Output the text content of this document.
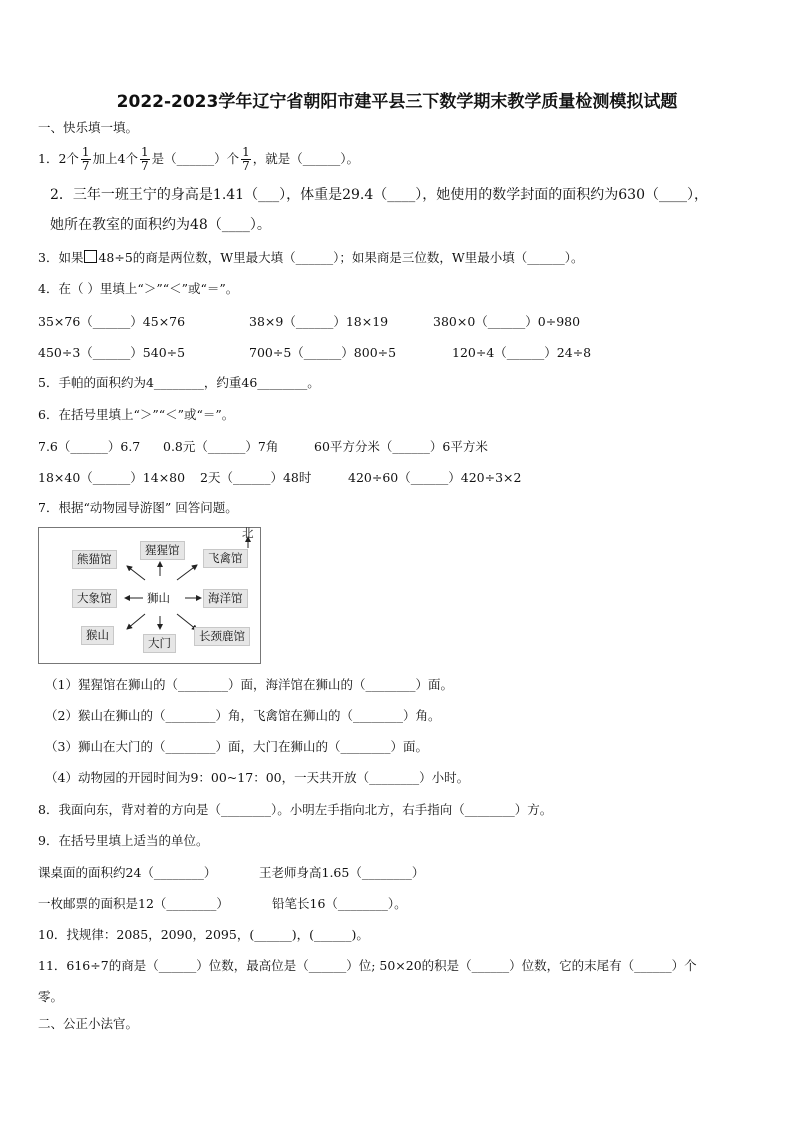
2022-2023学年辽宁省朝阳市建平县三下数学期末教学质量检测模拟试题
一、快乐填一填。
1．2个 $\frac{1}{7}$ 加上4个 $\frac{1}{7}$ 是（______）个 $\frac{1}{7}$ ，就是（______）。
2．三年一班王宁的身高是1.41（___），体重是29.4（____），她使用的数学封面的面积约为630（____），
她所在教室的面积约为48（____）。
3．如果 48÷5的商是两位数，W里最大填（______）；如果商是三位数，W里最小填（______）。
4．在（ ）里填上“＞”“＜”或“＝”。
35×76（______）45×76	38×9（______）18×19	380×0（______）0÷980
450÷3（______）540÷5	700÷5（______）800÷5	120÷4（______）24÷8
5．手帕的面积约为4________，约重46________。
6．在括号里填上“＞”“＜”或“＝”。
7.6（______）6.7 0.8元（______）7角	60平方分米（______）6平方米
18×40（______）14×80 2天（______）48时	420÷60（______）420÷3×2
7．根据“动物园导游图” 回答问题。
北
猩猩馆
熊猫馆	飞禽馆
大象馆	狮山	海洋馆
猴山
大门	长颈鹿馆
（1）猩猩馆在狮山的（________）面，海洋馆在狮山的（________）面。
（2）猴山在狮山的（________）角，飞禽馆在狮山的（________）角。
（3）狮山在大门的（________）面，大门在狮山的（________）面。
（4）动物园的开园时间为9：00~17：00，一天共开放（________）小时。
8．我面向东，背对着的方向是（________）。小明左手指向北方，右手指向（________）方。
9．在括号里填上适当的单位。
课桌面的面积约24（________）	王老师身高1.65（________）
一枚邮票的面积是12（________）	铅笔长16（________）。
10．找规律：2085，2090，2095，(______)，(______)。
11．616÷7的商是（______）位数，最高位是（______）位; 50×20的积是（______）位数，它的末尾有（______）个
零。
二、公正小法官。
